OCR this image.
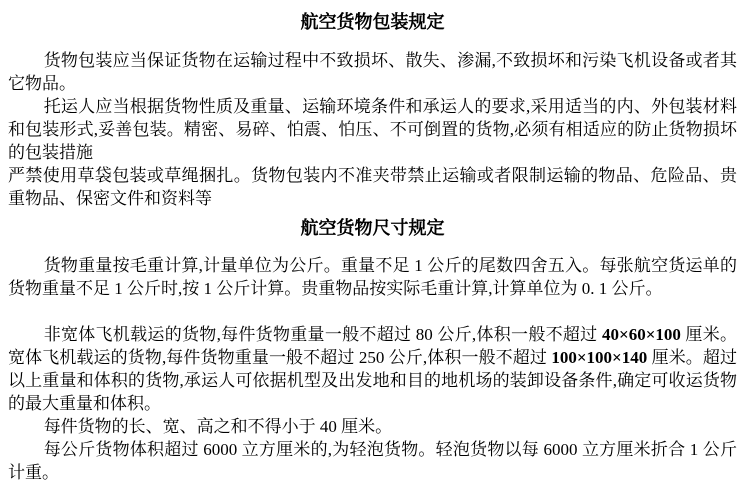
航空货物包装规定

货物包装应当保证货物在运输过程中不致损坏、散失、渗漏,不致损坏和污染飞机设备或者其它物品。

托运人应当根据货物性质及重量、运输环境条件和承运人的要求,采用适当的内、外包装材料和包装形式,妥善包装。精密、易碎、怕震、怕压、不可倒置的货物,必须有相适应的防止货物损坏的包装措施

严禁使用草袋包装或草绳捆扎。货物包装内不准夹带禁止运输或者限制运输的物品、危险品、贵重物品、保密文件和资料等

航空货物尺寸规定

货物重量按毛重计算,计量单位为公斤。重量不足 1 公斤的尾数四舍五入。每张航空货运单的货物重量不足 1 公斤时,按 1 公斤计算。贵重物品按实际毛重计算,计算单位为 0. 1 公斤。

非宽体飞机载运的货物,每件货物重量一般不超过 80 公斤,体积一般不超过 40×60×100 厘米。宽体飞机载运的货物,每件货物重量一般不超过 250 公斤,体积一般不超过 100×100×140 厘米。超过以上重量和体积的货物,承运人可依据机型及出发地和目的地机场的装卸设备条件,确定可收运货物的最大重量和体积。

每件货物的长、宽、高之和不得小于 40 厘米。

每公斤货物体积超过 6000 立方厘米的,为轻泡货物。轻泡货物以每 6000 立方厘米折合 1 公斤计重。
